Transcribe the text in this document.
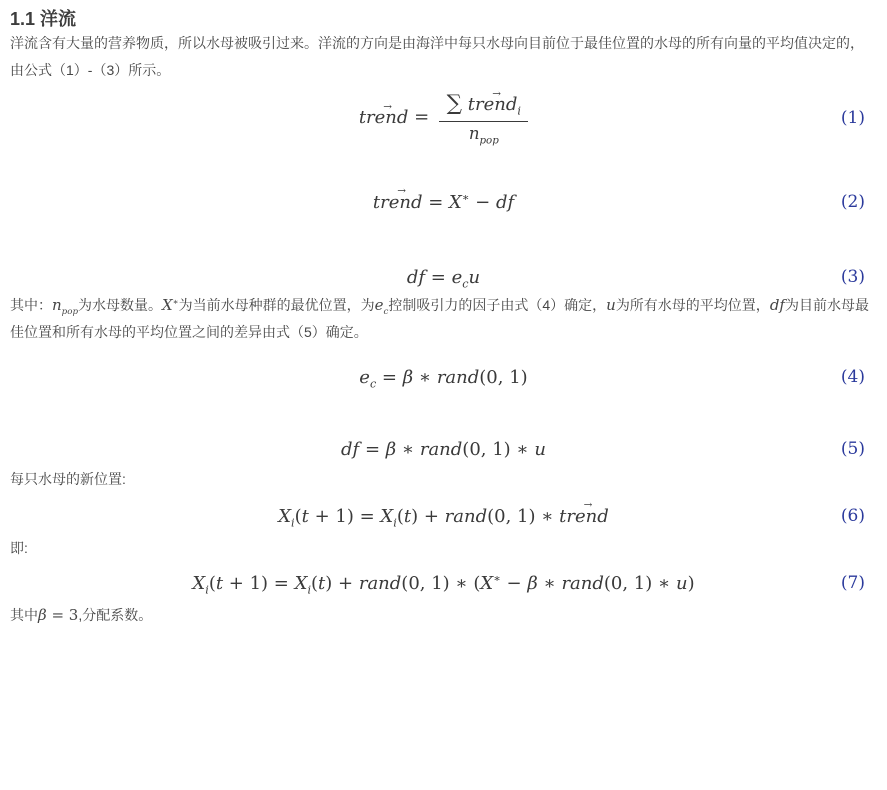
1.1 洋流

洋流含有大量的营养物质，所以水母被吸引过来。洋流的方向是由海洋中每只水母向目前位于最佳位置的水母的所有向量的平均值决定的，由公式（1）-（3）所示。

trend → = $\frac{\sum trend \to_i}{n_{pop}}$	(1)
trend → = X∗ − df	(2)
df = $e_cu$	(3)

其中：$n_{pop}$为水母数量。X∗为当前水母种群的最优位置，为$e_c$控制吸引力的因子由式（4）确定，u为所有水母的平均位置，df为目前水母最佳位置和所有水母的平均位置之间的差异由式（5）确定。

$e_c = \beta$ ∗ rand(0, 1)	(4)
df = β ∗ rand(0, 1) ∗ u	(5)

每只水母的新位置:

$X_i(t + 1) = X_i(t)$ + rand(0, 1) ∗ trend →	(6)

即:

$X_i(t + 1) = X_i(t)$ + rand(0, 1) ∗ (X∗ − β ∗ rand(0, 1) ∗ u)	(7)

其中β = 3,分配系数。
